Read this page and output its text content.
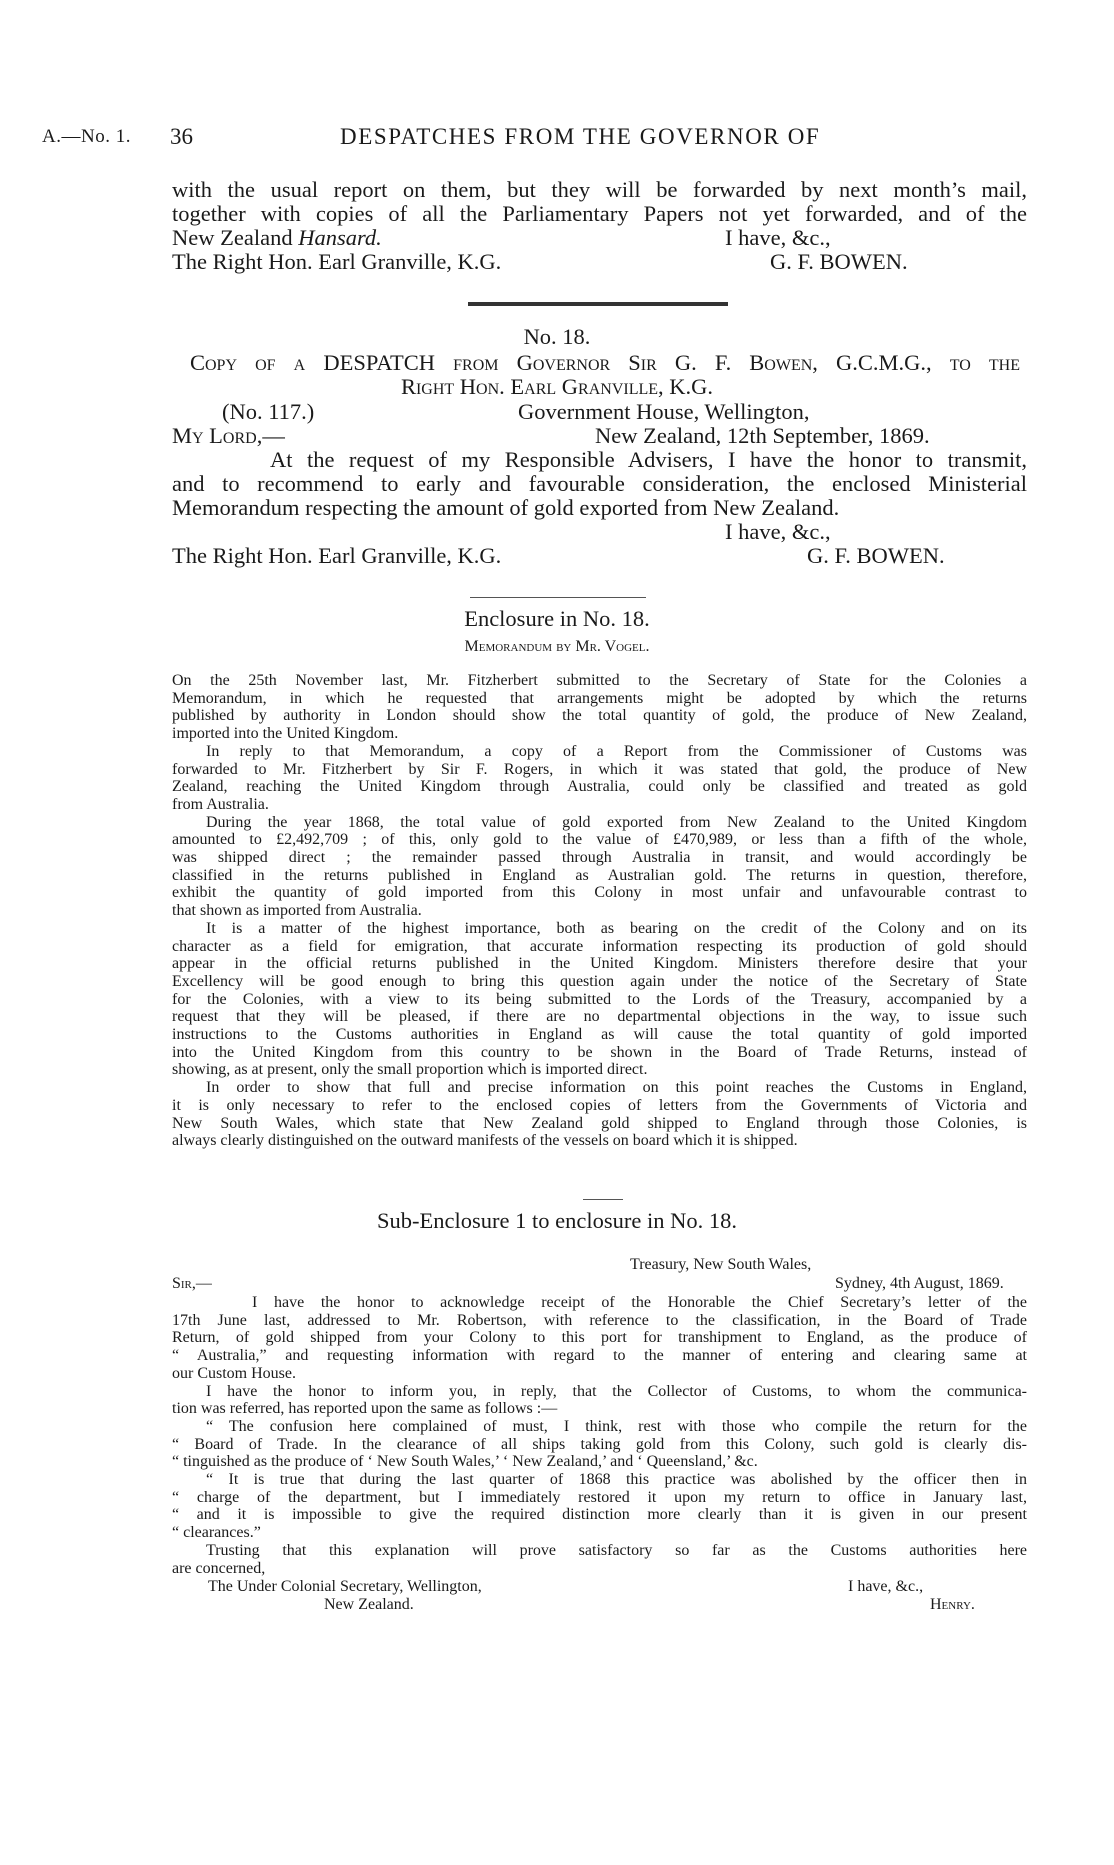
A.—No. 1. 36	DESPATCHES FROM THE GOVERNOR OF
with the usual report on them, but they will be forwarded by next month’s mail,
together with copies of all the Parliamentary Papers not yet forwarded, and of the
New Zealand Hansard.	I have, &c.,
The Right Hon. Earl Granville, K.G.	G. F. BOWEN.
No. 18.
Copy of a DESPATCH from Governor Sir G. F. Bowen, G.C.M.G., to the
Right Hon. Earl Granville, K.G.
(No. 117.)	Government House, Wellington,
My Lord,—	New Zealand, 12th September, 1869.
At the request of my Responsible Advisers, I have the honor to transmit,
and to recommend to early and favourable consideration, the enclosed Ministerial
Memorandum respecting the amount of gold exported from New Zealand.
I have, &c.,
The Right Hon. Earl Granville, K.G.	G. F. BOWEN.
Enclosure in No. 18.
Memorandum by Mr. Vogel.

On the 25th November last, Mr. Fitzherbert submitted to the Secretary of State for the Colonies a
Memorandum, in which he requested that arrangements might be adopted by which the returns
published by authority in London should show the total quantity of gold, the produce of New Zealand,
imported into the United Kingdom.

In reply to that Memorandum, a copy of a Report from the Commissioner of Customs was
forwarded to Mr. Fitzherbert by Sir F. Rogers, in which it was stated that gold, the produce of New
Zealand, reaching the United Kingdom through Australia, could only be classified and treated as gold
from Australia.

During the year 1868, the total value of gold exported from New Zealand to the United Kingdom
amounted to £2,492,709 ; of this, only gold to the value of £470,989, or less than a fifth of the whole,
was shipped direct ; the remainder passed through Australia in transit, and would accordingly be
classified in the returns published in England as Australian gold. The returns in question, therefore,
exhibit the quantity of gold imported from this Colony in most unfair and unfavourable contrast to
that shown as imported from Australia.

It is a matter of the highest importance, both as bearing on the credit of the Colony and on its
character as a field for emigration, that accurate information respecting its production of gold should
appear in the official returns published in the United Kingdom. Ministers therefore desire that your
Excellency will be good enough to bring this question again under the notice of the Secretary of State
for the Colonies, with a view to its being submitted to the Lords of the Treasury, accompanied by a
request that they will be pleased, if there are no departmental objections in the way, to issue such
instructions to the Customs authorities in England as will cause the total quantity of gold imported
into the United Kingdom from this country to be shown in the Board of Trade Returns, instead of
showing, as at present, only the small proportion which is imported direct.

In order to show that full and precise information on this point reaches the Customs in England,
it is only necessary to refer to the enclosed copies of letters from the Governments of Victoria and
New South Wales, which state that New Zealand gold shipped to England through those Colonies, is
always clearly distinguished on the outward manifests of the vessels on board which it is shipped.

Sub-Enclosure 1 to enclosure in No. 18.
Treasury, New South Wales,
Sir,—	Sydney, 4th August, 1869.

I have the honor to acknowledge receipt of the Honorable the Chief Secretary’s letter of the
17th June last, addressed to Mr. Robertson, with reference to the classification, in the Board of Trade
Return, of gold shipped from your Colony to this port for transhipment to England, as the produce of
“ Australia,” and requesting information with regard to the manner of entering and clearing same at
our Custom House.

I have the honor to inform you, in reply, that the Collector of Customs, to whom the communica-
tion was referred, has reported upon the same as follows :—

“ The confusion here complained of must, I think, rest with those who compile the return for the
“ Board of Trade. In the clearance of all ships taking gold from this Colony, such gold is clearly dis-
“ tinguished as the produce of ‘ New South Wales,’ ‘ New Zealand,’ and ‘ Queensland,’ &c.

“ It is true that during the last quarter of 1868 this practice was abolished by the officer then in
“ charge of the department, but I immediately restored it upon my return to office in January last,
“ and it is impossible to give the required distinction more clearly than it is given in our present
“ clearances.”

Trusting that this explanation will prove satisfactory so far as the Customs authorities here
are concerned,

The Under Colonial Secretary, Wellington,	I have, &c.,
New Zealand.	Henry.
